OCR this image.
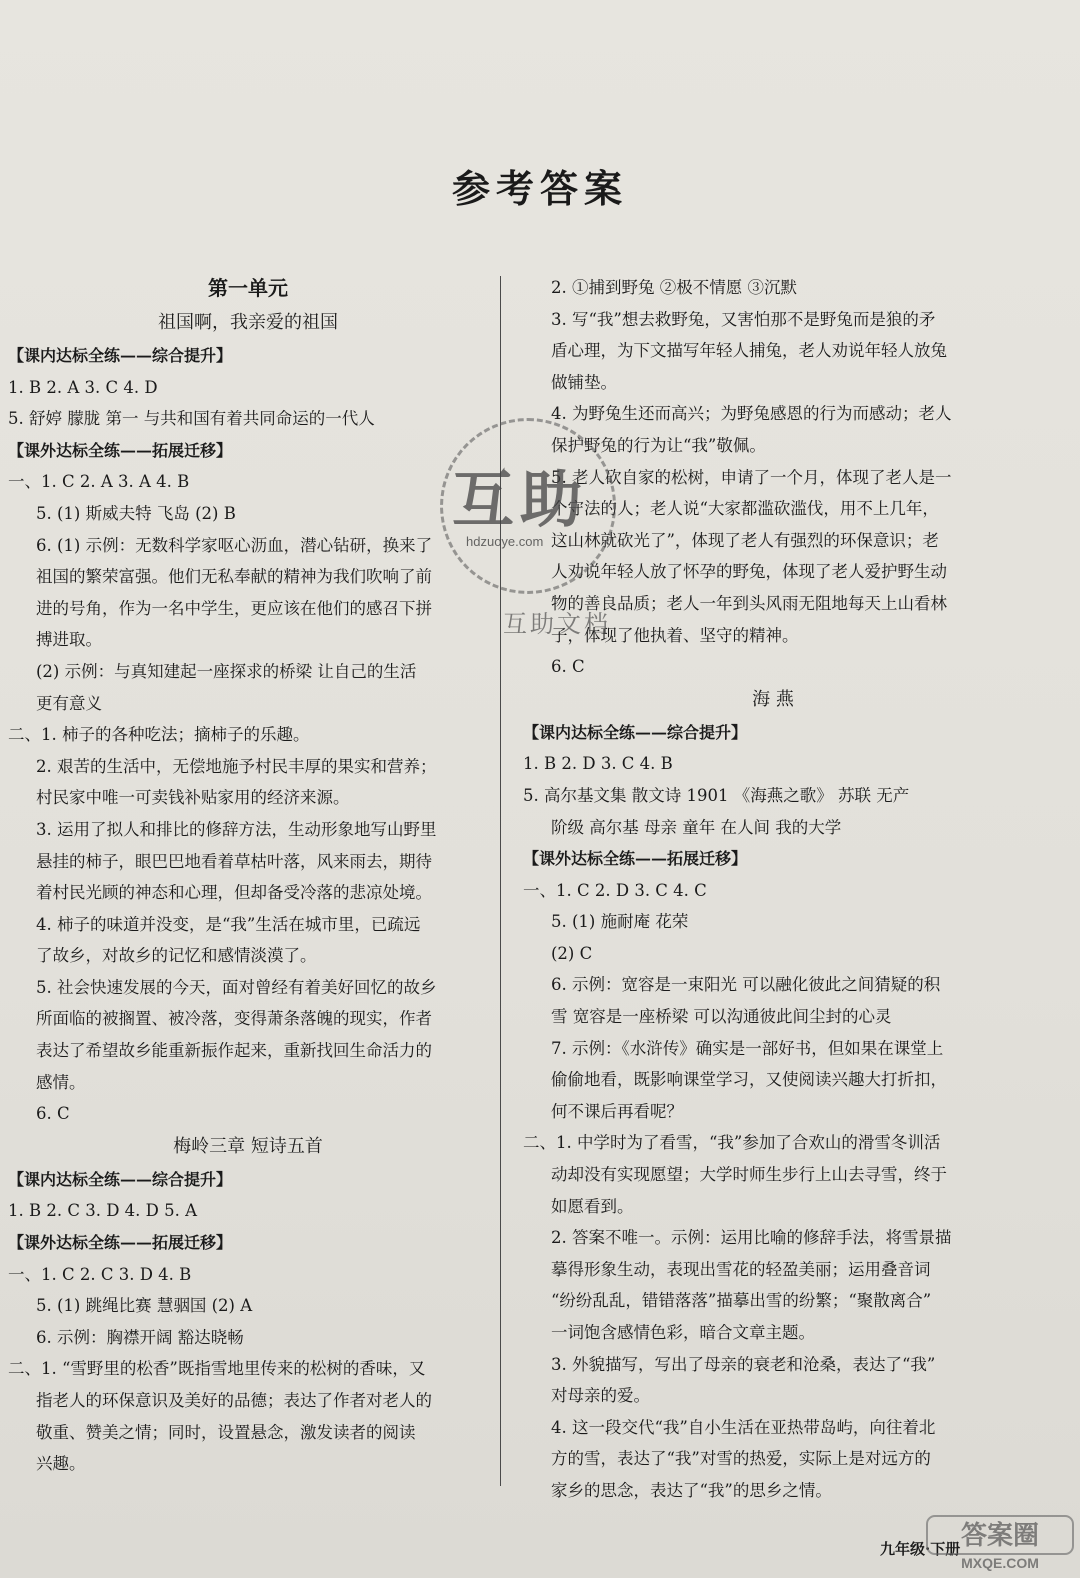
参考答案
第一单元
祖国啊，我亲爱的祖国
【课内达标全练——综合提升】
1. B 2. A 3. C 4. D
5. 舒婷 朦胧 第一 与共和国有着共同命运的一代人
【课外达标全练——拓展迁移】
一、1. C 2. A 3. A 4. B
5. (1) 斯威夫特 飞岛 (2) B
6. (1) 示例：无数科学家呕心沥血，潜心钻研，换来了
祖国的繁荣富强。他们无私奉献的精神为我们吹响了前
进的号角，作为一名中学生，更应该在他们的感召下拼
搏进取。
(2) 示例：与真知建起一座探求的桥梁 让自己的生活
更有意义
二、1. 柿子的各种吃法；摘柿子的乐趣。
2. 艰苦的生活中，无偿地施予村民丰厚的果实和营养；
村民家中唯一可卖钱补贴家用的经济来源。
3. 运用了拟人和排比的修辞方法，生动形象地写山野里
悬挂的柿子，眼巴巴地看着草枯叶落，风来雨去，期待
着村民光顾的神态和心理，但却备受冷落的悲凉处境。
4. 柿子的味道并没变，是“我”生活在城市里，已疏远
了故乡，对故乡的记忆和感情淡漠了。
5. 社会快速发展的今天，面对曾经有着美好回忆的故乡
所面临的被搁置、被冷落，变得萧条落魄的现实，作者
表达了希望故乡能重新振作起来，重新找回生命活力的
感情。
6. C
梅岭三章 短诗五首
【课内达标全练——综合提升】
1. B 2. C 3. D 4. D 5. A
【课外达标全练——拓展迁移】
一、1. C 2. C 3. D 4. B
5. (1) 跳绳比赛 慧骃国 (2) A
6. 示例：胸襟开阔 豁达晓畅
二、1. “雪野里的松香”既指雪地里传来的松树的香味，又
指老人的环保意识及美好的品德；表达了作者对老人的
敬重、赞美之情；同时，设置悬念，激发读者的阅读
兴趣。
2. ①捕到野兔 ②极不情愿 ③沉默
3. 写“我”想去救野兔，又害怕那不是野兔而是狼的矛
盾心理，为下文描写年轻人捕兔，老人劝说年轻人放兔
做铺垫。
4. 为野兔生还而高兴；为野兔感恩的行为而感动；老人
保护野兔的行为让“我”敬佩。
5. 老人砍自家的松树，申请了一个月，体现了老人是一
个守法的人；老人说“大家都滥砍滥伐，用不上几年，
这山林就砍光了”，体现了老人有强烈的环保意识；老
人劝说年轻人放了怀孕的野兔，体现了老人爱护野生动
物的善良品质；老人一年到头风雨无阻地每天上山看林
子，体现了他执着、坚守的精神。
6. C
海 燕
【课内达标全练——综合提升】
1. B 2. D 3. C 4. B
5. 高尔基文集 散文诗 1901 《海燕之歌》 苏联 无产
阶级 高尔基 母亲 童年 在人间 我的大学
【课外达标全练——拓展迁移】
一、1. C 2. D 3. C 4. C
5. (1) 施耐庵 花荣
(2) C
6. 示例：宽容是一束阳光 可以融化彼此之间猜疑的积
雪 宽容是一座桥梁 可以沟通彼此间尘封的心灵
7. 示例：《水浒传》确实是一部好书，但如果在课堂上
偷偷地看，既影响课堂学习，又使阅读兴趣大打折扣，
何不课后再看呢？
二、1. 中学时为了看雪，“我”参加了合欢山的滑雪冬训活
动却没有实现愿望；大学时师生步行上山去寻雪，终于
如愿看到。
2. 答案不唯一。示例：运用比喻的修辞手法，将雪景描
摹得形象生动，表现出雪花的轻盈美丽；运用叠音词
“纷纷乱乱，错错落落”描摹出雪的纷繁；“聚散离合”
一词饱含感情色彩，暗合文章主题。
3. 外貌描写，写出了母亲的衰老和沧桑，表达了“我”
对母亲的爱。
4. 这一段交代“我”自小生活在亚热带岛屿，向往着北
方的雪，表达了“我”对雪的热爱，实际上是对远方的
家乡的思念，表达了“我”的思乡之情。
互助
hdzuoye.com
互助文档
九年级·下册 答案圈
MXQE.COM
